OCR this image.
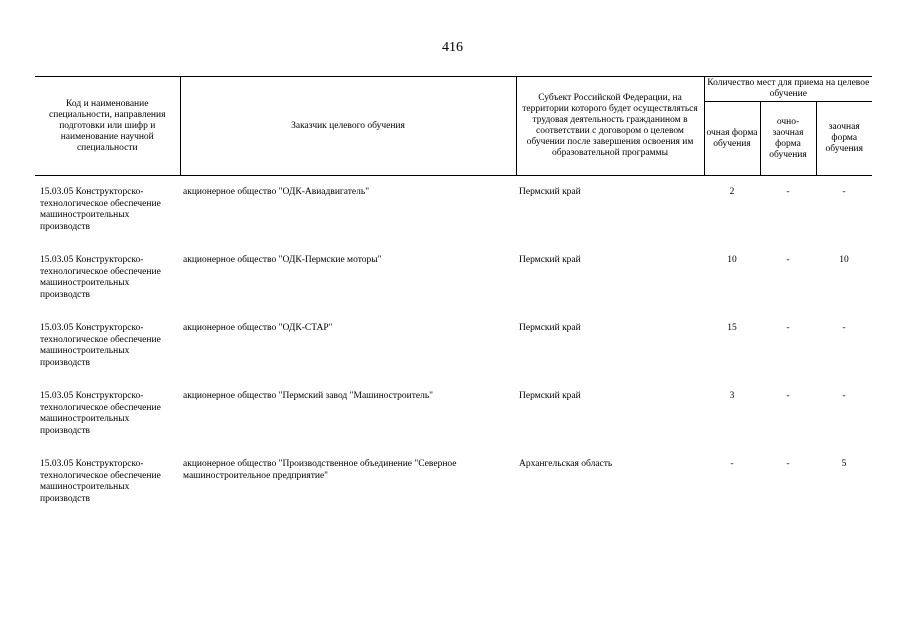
416
Код и наименование специальности, направления подготовки или шифр и наименование научной специальности	Заказчик целевого обучения	Субъект Российской Федерации, на территории которого будет осуществляться трудовая деятельность гражданином в соответствии с договором о целевом обучении после завершения освоения им образовательной программы	Количество мест для приема на целевое обучение		
			очная форма обучения	очно-заочная форма обучения	заочная форма обучения

15.03.05 Конструкторско-технологическое обеспечение машиностроительных производств	акционерное общество "ОДК-Авиадвигатель"	Пермский край	2	-	-
15.03.05 Конструкторско-технологическое обеспечение машиностроительных производств	акционерное общество "ОДК-Пермские моторы"	Пермский край	10	-	10
15.03.05 Конструкторско-технологическое обеспечение машиностроительных производств	акционерное общество "ОДК-СТАР"	Пермский край	15	-	-
15.03.05 Конструкторско-технологическое обеспечение машиностроительных производств	акционерное общество "Пермский завод "Машиностроитель"	Пермский край	3	-	-
15.03.05 Конструкторско-технологическое обеспечение машиностроительных производств	акционерное общество "Производственное объединение "Северное машиностроительное предприятие"	Архангельская область	-	-	5
